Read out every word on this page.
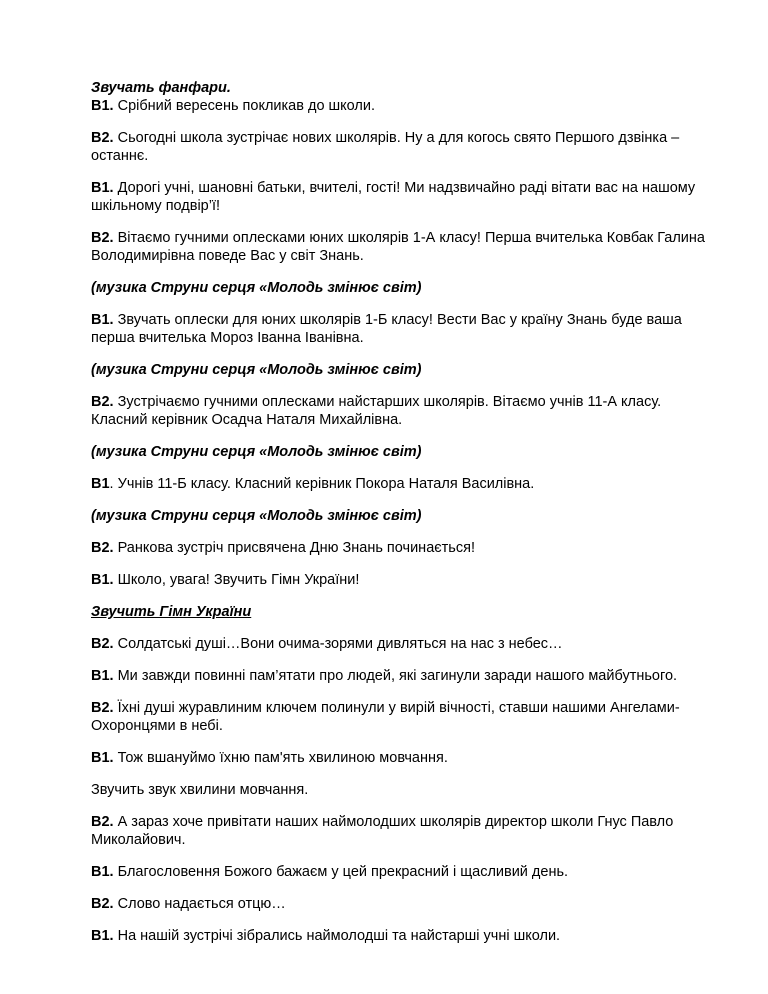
Звучать фанфари.
В1. Срібний вересень покликав до школи.
В2. Сьогодні школа зустрічає нових школярів. Ну а для когось свято Першого дзвінка – останнє.
В1. Дорогі учні, шановні батьки, вчителі, гості! Ми надзвичайно раді вітати вас на нашому шкільному подвір’ї!
В2. Вітаємо гучними оплесками юних школярів 1-А класу! Перша вчителька Ковбак Галина Володимирівна поведе Вас у світ Знань.
(музика Струни серця «Молодь змінює світ)
В1. Звучать оплески для юних школярів 1-Б класу! Вести Вас у країну Знань буде ваша перша вчителька Мороз Іванна Іванівна.
(музика Струни серця «Молодь змінює світ)
В2. Зустрічаємо гучними оплесками найстарших школярів. Вітаємо учнів 11-А класу. Класний керівник Осадча Наталя Михайлівна.
(музика Струни серця «Молодь змінює світ)
В1. Учнів 11-Б класу. Класний керівник Покора Наталя Василівна.
(музика Струни серця «Молодь змінює світ)
В2. Ранкова зустріч присвячена Дню Знань починається!
В1. Школо, увага! Звучить Гімн України!
Звучить Гімн України
В2. Солдатські душі…Вони очима-зорями дивляться на нас з небес…
В1. Ми завжди повинні пам’ятати про людей, які загинули заради нашого майбутнього.
В2. Їхні душі журавлиним ключем полинули у вирій вічності, ставши нашими Ангелами-Охоронцями в небі.
В1. Тож вшануймо їхню пам'ять хвилиною мовчання.
Звучить звук хвилини мовчання.
В2. А зараз хоче привітати наших наймолодших школярів директор школи Гнус Павло Миколайович.
В1. Благословення Божого бажаєм у цей прекрасний і щасливий день.
В2. Слово надається отцю…
В1. На нашій зустрічі зібрались наймолодші та найстарші учні школи.
